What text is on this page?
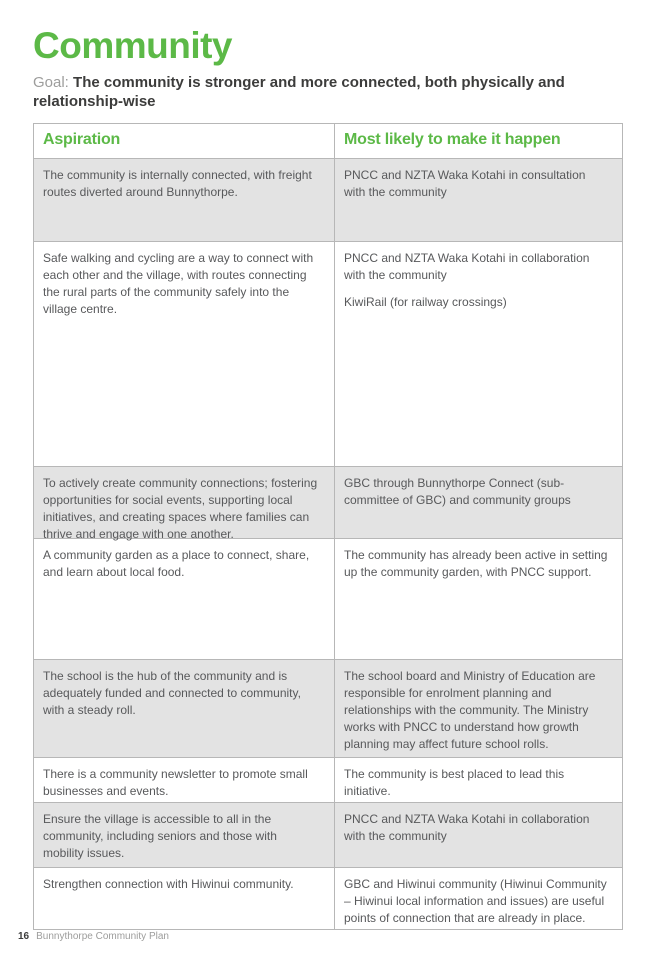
Community
Goal: The community is stronger and more connected, both physically and relationship-wise
Aspiration	Most likely to make it happen

The community is internally connected, with freight routes diverted around Bunnythorpe.

PNCC and NZTA Waka Kotahi in consultation with the community

Safe walking and cycling are a way to connect with each other and the village, with routes connecting the rural parts of the community safely into the village centre.

PNCC and NZTA Waka Kotahi in collaboration with the community

KiwiRail (for railway crossings)

To actively create community connections; fostering opportunities for social events, supporting local initiatives, and creating spaces where families can thrive and engage with one another.

GBC through Bunnythorpe Connect (sub-committee of GBC) and community groups

A community garden as a place to connect, share, and learn about local food.

The community has already been active in setting up the community garden, with PNCC support.

The school is the hub of the community and is adequately funded and connected to community, with a steady roll.

The school board and Ministry of Education are responsible for enrolment planning and relationships with the community. The Ministry works with PNCC to understand how growth planning may affect future school rolls.

There is a community newsletter to promote small businesses and events.

The community is best placed to lead this initiative.

Ensure the village is accessible to all in the community, including seniors and those with mobility issues.

PNCC and NZTA Waka Kotahi in collaboration with the community

Strengthen connection with Hiwinui community.	GBC and Hiwinui community (Hiwinui Community – Hiwinui local information and issues) are useful points of connection that are already in place.

16 Bunnythorpe Community Plan
